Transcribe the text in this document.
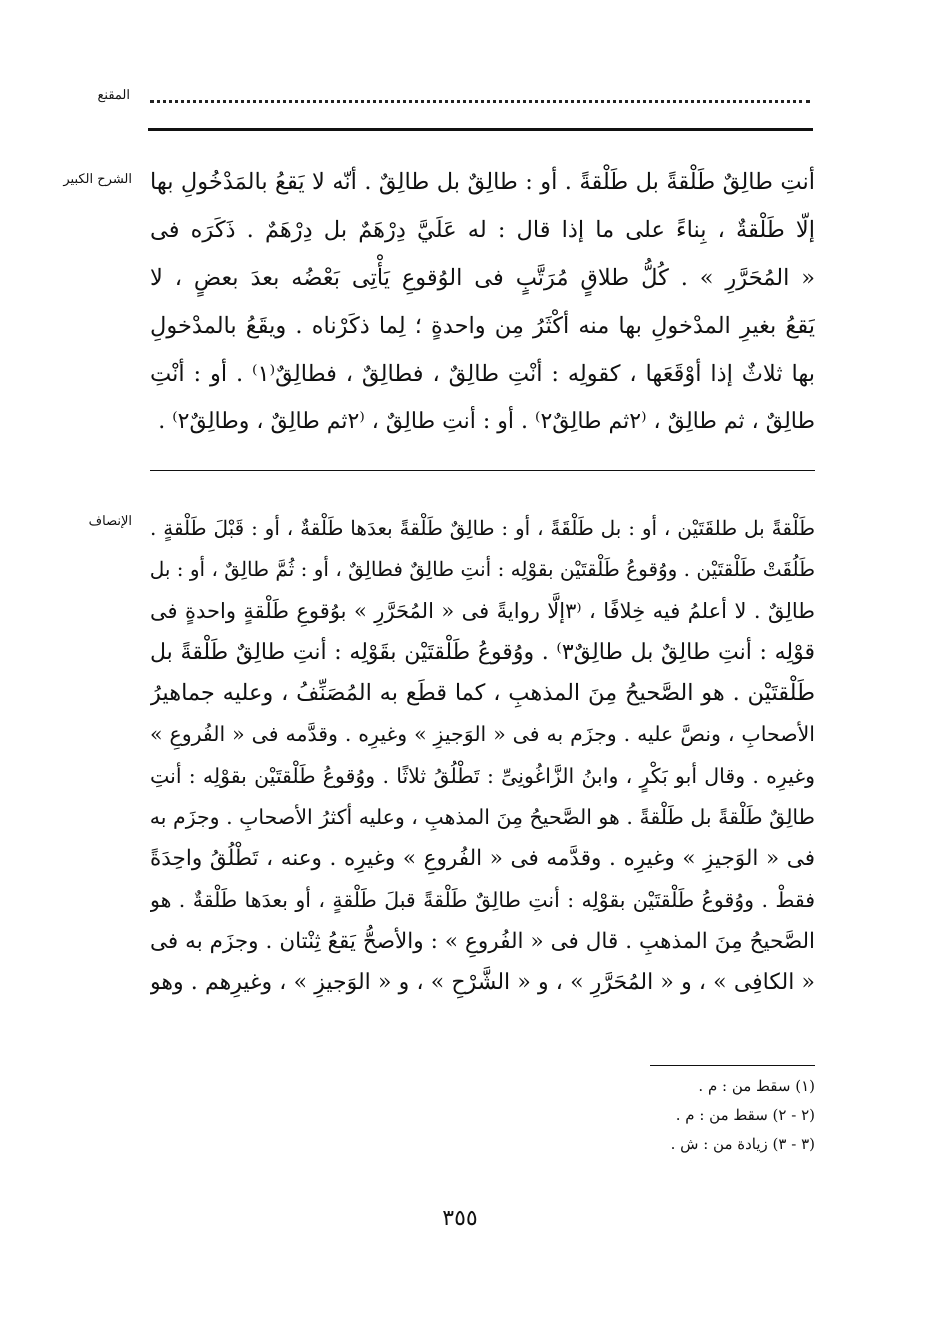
المقنع
الشرح الكبير أنتِ طالِقٌ طَلْقةً بل طَلْقةً . أو : طالِقٌ بل طالِقٌ . أنّه لا يَقعُ بالمَدْخُولِ بها
إلّا طَلْقةٌ ، بِناءً على ما إذا قال : له عَلَيَّ دِرْهَمٌ بل دِرْهَمٌ . ذَكَرَه فى
« المُحَرَّرِ » . كُلُّ طلاقٍ مُرَتَّبٍ فى الوُقوعِ يَأْتِى بَعْضُه بعدَ بعضٍ ، لا
يَقعُ بغيرِ المدْخولِ بها منه أكْثَرُ مِن واحدةٍ ؛ لِما ذكَرْناه . ويقَعُ بالمدْخولِ
بها ثلاثٌ إذا أوْقَعَها ، كقولِه : أنْتِ طالِقٌ ، فطالِقٌ ، فطالِقٌ⁽١⁾ . أو : أنْتِ
طالِقٌ ، ثم طالِقٌ ، ⁽٢ثم طالِقٌ٢⁾ . أو : أنتِ طالِقٌ ، ⁽٢ثم طالِقٌ ، وطالِقٌ٢⁾ .
الإنصاف طَلْقةً بل طلقَتَيْن ، أو : بل طَلْقَةً ، أو : طالِقٌ طَلْقةً بعدَها طَلْقةٌ ، أو : قَبْلَ طَلْقةٍ .
طَلُقَتْ طَلْقتَيْن . ووُقوعُ طَلْقتَيْن بقوْلِه : أنتِ طالِقٌ فطالِقٌ ، أو : ثُمَّ طالِقٌ ، أو : بل
طالِقٌ . لا أعلمُ فيه خِلافًا ، ⁽٣إلَّا روايةً فى « المُحَرَّرِ » بوُقوعِ طَلْقةٍ واحدةٍ فى
قوْلِه : أنتِ طالِقٌ بل طالِقٌ٣⁾ . ووُقوعُ طَلْقتَيْن بقَوْلِه : أنتِ طالِقٌ طَلْقةً بل
طَلْقتَيْن . هو الصَّحيحُ مِنَ المذهبِ ، كما قطَع به المُصَنِّفُ ، وعليه جماهيرُ
الأصحابِ ، ونصَّ عليه . وجزَم به فى « الوَجيزِ » وغيرِه . وقدَّمه فى « الفُروعِ »
وغيرِه . وقال أبو بَكْرٍ ، وابنُ الزَّاغُونِىِّ : تَطْلُقُ ثلاثًا . ووُقوعُ طَلْقتَيْن بقوْلِه : أنتِ
طالِقٌ طَلْقةً بل طَلْقةً . هو الصَّحيحُ مِنَ المذهبِ ، وعليه أكثرُ الأصحابِ . وجزَم به
فى « الوَجيزِ » وغيرِه . وقدَّمه فى « الفُروعِ » وغيرِه . وعنه ، تَطْلُقُ واحِدَةً
فقطْ . ووُقوعُ طَلْقتَيْن بقوْلِه : أنتِ طالِقٌ طَلْقةً قبلَ طَلْقةٍ ، أو بعدَها طَلْقةٌ . هو
الصَّحيحُ مِنَ المذهبِ . قال فى « الفُروعِ » : والأصحُّ يَقعُ ثِنْتان . وجزَم به فى
« الكافِى » ، و « المُحَرَّرِ » ، و « الشَّرْحِ » ، و « الوَجيزِ » ، وغيرِهم . وهو
(١) سقط من : م .
(٢ - ٢) سقط من : م .
(٣ - ٣) زيادة من : ش .
٣٥٥
